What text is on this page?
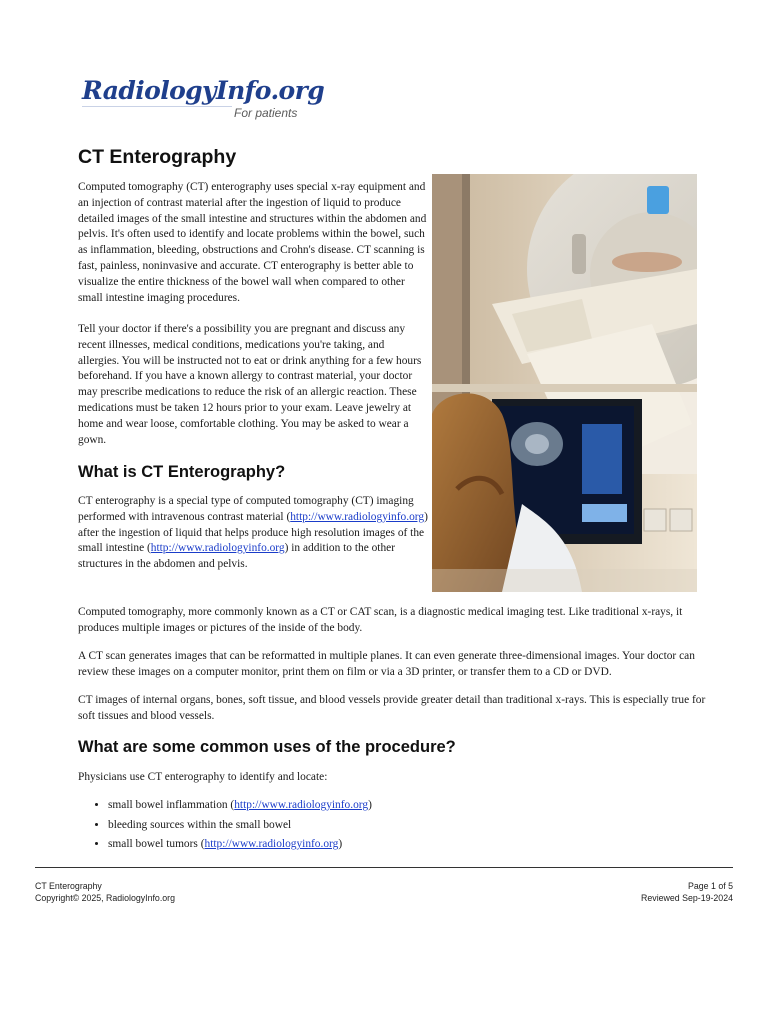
RadiologyInfo.org
For patients
CT Enterography

Computed tomography (CT) enterography uses special x-ray equipment and an injection of contrast material after the ingestion of liquid to produce detailed images of the small intestine and structures within the abdomen and pelvis. It's often used to identify and locate problems within the bowel, such as inflammation, bleeding, obstructions and Crohn's disease. CT scanning is fast, painless, noninvasive and accurate. CT enterography is better able to visualize the entire thickness of the bowel wall when compared to other small intestine imaging procedures.

Tell your doctor if there's a possibility you are pregnant and discuss any recent illnesses, medical conditions, medications you're taking, and allergies. You will be instructed not to eat or drink anything for a few hours beforehand. If you have a known allergy to contrast material, your doctor may prescribe medications to reduce the risk of an allergic reaction. These medications must be taken 12 hours prior to your exam. Leave jewelry at home and wear loose, comfortable clothing. You may be asked to wear a gown.

What is CT Enterography?

CT enterography is a special type of computed tomography (CT) imaging performed with intravenous contrast material (http://www.radiologyinfo.org) after the ingestion of liquid that helps produce high resolution images of the small intestine (http://www.radiologyinfo.org) in addition to the other structures in the abdomen and pelvis.

Computed tomography, more commonly known as a CT or CAT scan, is a diagnostic medical imaging test. Like traditional x-rays, it produces multiple images or pictures of the inside of the body.

A CT scan generates images that can be reformatted in multiple planes. It can even generate three-dimensional images. Your doctor can review these images on a computer monitor, print them on film or via a 3D printer, or transfer them to a CD or DVD.

CT images of internal organs, bones, soft tissue, and blood vessels provide greater detail than traditional x-rays. This is especially true for soft tissues and blood vessels.

What are some common uses of the procedure?

Physicians use CT enterography to identify and locate:

• small bowel inflammation (http://www.radiologyinfo.org)
• bleeding sources within the small bowel
• small bowel tumors (http://www.radiologyinfo.org)
CT Enterography
Copyright© 2025, RadiologyInfo.org
Page 1 of 5
Reviewed Sep-19-2024
